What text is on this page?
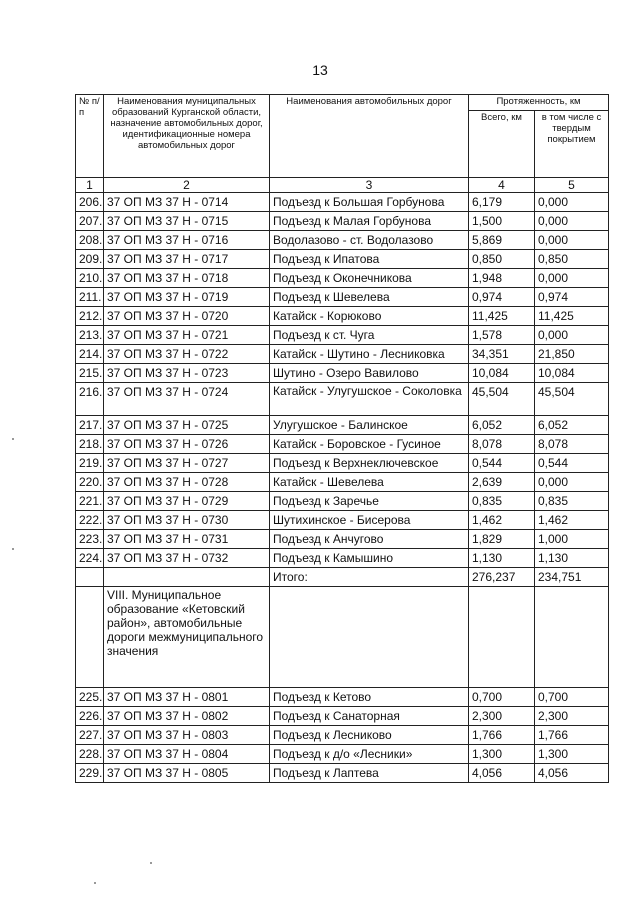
13
№ п/п	Наименования муниципальных образований Курганской области, назначение автомобильных дорог, идентификационные номера автомобильных дорог	Наименования автомобильных дорог	Протяженность, км	
			Всего, км	в том числе с твердым покрытием
1	2	3	4	5
206.	37 ОП МЗ 37 Н - 0714	Подъезд к Большая Горбунова	6,179	0,000
207.	37 ОП МЗ 37 Н - 0715	Подъезд к Малая Горбунова	1,500	0,000
208.	37 ОП МЗ 37 Н - 0716	Водолазово - ст. Водолазово	5,869	0,000
209.	37 ОП МЗ 37 Н - 0717	Подъезд к Ипатова	0,850	0,850
210.	37 ОП МЗ 37 Н - 0718	Подъезд к Оконечникова	1,948	0,000
211.	37 ОП МЗ 37 Н - 0719	Подъезд к Шевелева	0,974	0,974
212.	37 ОП МЗ 37 Н - 0720	Катайск - Корюково	11,425	11,425
213.	37 ОП МЗ 37 Н - 0721	Подъезд к ст. Чуга	1,578	0,000
214.	37 ОП МЗ 37 Н - 0722	Катайск - Шутино - Лесниковка	34,351	21,850
215.	37 ОП МЗ 37 Н - 0723	Шутино - Озеро Вавилово	10,084	10,084
216.	37 ОП МЗ 37 Н - 0724	Катайск - Улугушское - Соколовка	45,504	45,504
217.	37 ОП МЗ 37 Н - 0725	Улугушское - Балинское	6,052	6,052
218.	37 ОП МЗ 37 Н - 0726	Катайск - Боровское - Гусиное	8,078	8,078
219.	37 ОП МЗ 37 Н - 0727	Подъезд к Верхнеключевское	0,544	0,544
220.	37 ОП МЗ 37 Н - 0728	Катайск - Шевелева	2,639	0,000
221.	37 ОП МЗ 37 Н - 0729	Подъезд к Заречье	0,835	0,835
222.	37 ОП МЗ 37 Н - 0730	Шутихинское - Бисерова	1,462	1,462
223.	37 ОП МЗ 37 Н - 0731	Подъезд к Анчугово	1,829	1,000
224.	37 ОП МЗ 37 Н - 0732	Подъезд к Камышино	1,130	1,130
		Итого:	276,237	234,751
	VIII. Муниципальное образование «Кетовский район», автомобильные дороги межмуниципального значения			
225.	37 ОП МЗ 37 Н - 0801	Подъезд к Кетово	0,700	0,700
226.	37 ОП МЗ 37 Н - 0802	Подъезд к Санаторная	2,300	2,300
227.	37 ОП МЗ 37 Н - 0803	Подъезд к Лесниково	1,766	1,766
228.	37 ОП МЗ 37 Н - 0804	Подъезд к д/о «Лесники»	1,300	1,300
229.	37 ОП МЗ 37 Н - 0805	Подъезд к Лаптева	4,056	4,056
